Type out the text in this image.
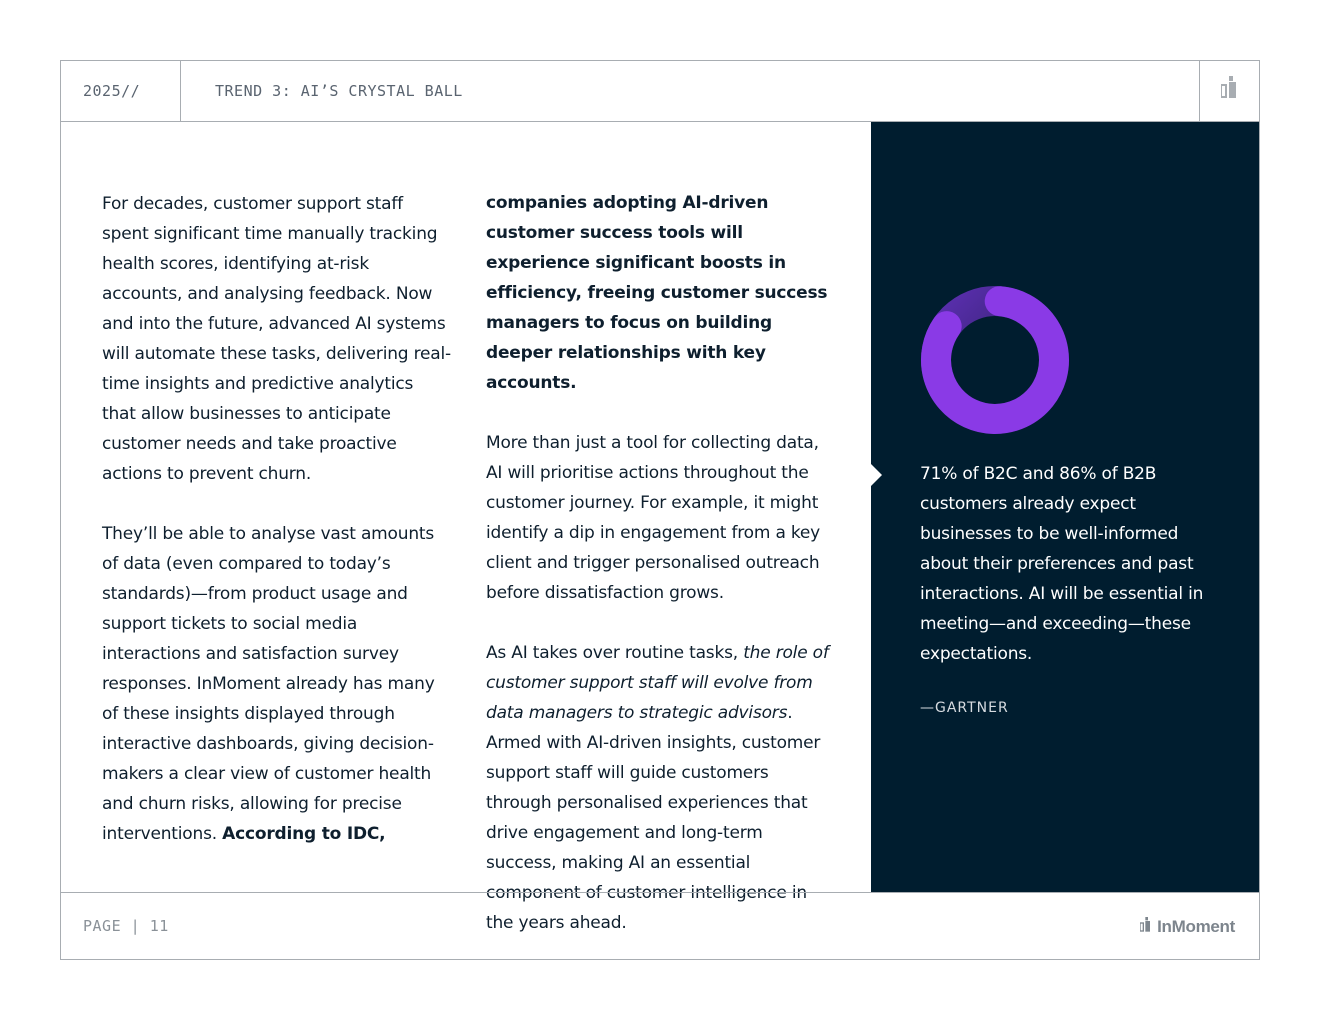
2025//	TREND 3: AI’S CRYSTAL BALL

For decades, customer support staff spent significant time manually tracking health scores, identifying at-risk accounts, and analysing feedback. Now and into the future, advanced AI systems will automate these tasks, delivering real-time insights and predictive analytics that allow businesses to anticipate customer needs and take proactive actions to prevent churn.

They’ll be able to analyse vast amounts of data (even compared to today’s standards)—from product usage and support tickets to social media interactions and satisfaction survey responses. InMoment already has many of these insights displayed through interactive dashboards, giving decision-makers a clear view of customer health and churn risks, allowing for precise interventions. According to IDC,

companies adopting AI-driven customer success tools will experience significant boosts in efficiency, freeing customer success managers to focus on building deeper relationships with key accounts.

More than just a tool for collecting data, AI will prioritise actions throughout the customer journey. For example, it might identify a dip in engagement from a key client and trigger personalised outreach before dissatisfaction grows.

As AI takes over routine tasks, the role of customer support staff will evolve from data managers to strategic advisors. Armed with AI-driven insights, customer support staff will guide customers through personalised experiences that drive engagement and long-term success, making AI an essential component of customer intelligence in the years ahead.

71% of B2C and 86% of B2B customers already expect businesses to be well-informed about their preferences and past interactions. AI will be essential in meeting—and exceeding—these expectations.
—GARTNER
PAGE | 11	InMoment
